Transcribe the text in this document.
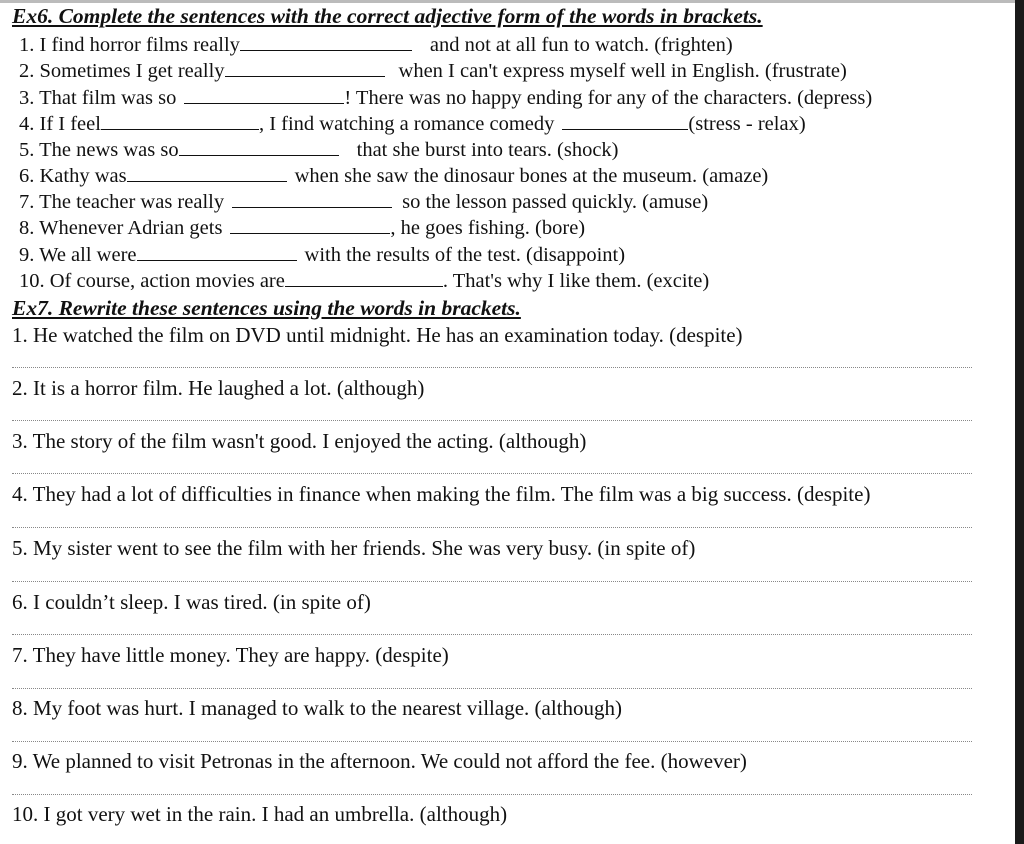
Ex6. Complete the sentences with the correct adjective form of the words in brackets.
1. I find horror films really	and not at all fun to watch. (frighten)
2. Sometimes I get really	when I can't express myself well in English. (frustrate)
3. That film was so	! There was no happy ending for any of the characters. (depress)
4. If I feel	, I find watching a romance comedy	(stress - relax)
5. The news was so	that she burst into tears. (shock)
6. Kathy was	when she saw the dinosaur bones at the museum. (amaze)
7. The teacher was really	so the lesson passed quickly. (amuse)
8. Whenever Adrian gets	, he goes fishing. (bore)
9. We all were	with the results of the test. (disappoint)
10. Of course, action movies are	. That's why I like them. (excite)
Ex7. Rewrite these sentences using the words in brackets.
1. He watched the film on DVD until midnight. He has an examination today. (despite)
2. It is a horror film. He laughed a lot. (although)
3. The story of the film wasn't good. I enjoyed the acting. (although)
4. They had a lot of difficulties in finance when making the film. The film was a big success. (despite)
5. My sister went to see the film with her friends. She was very busy. (in spite of)
6. I couldn’t sleep. I was tired. (in spite of)
7. They have little money. They are happy. (despite)
8. My foot was hurt. I managed to walk to the nearest village. (although)
9. We planned to visit Petronas in the afternoon. We could not afford the fee. (however)
10. I got very wet in the rain. I had an umbrella. (although)
